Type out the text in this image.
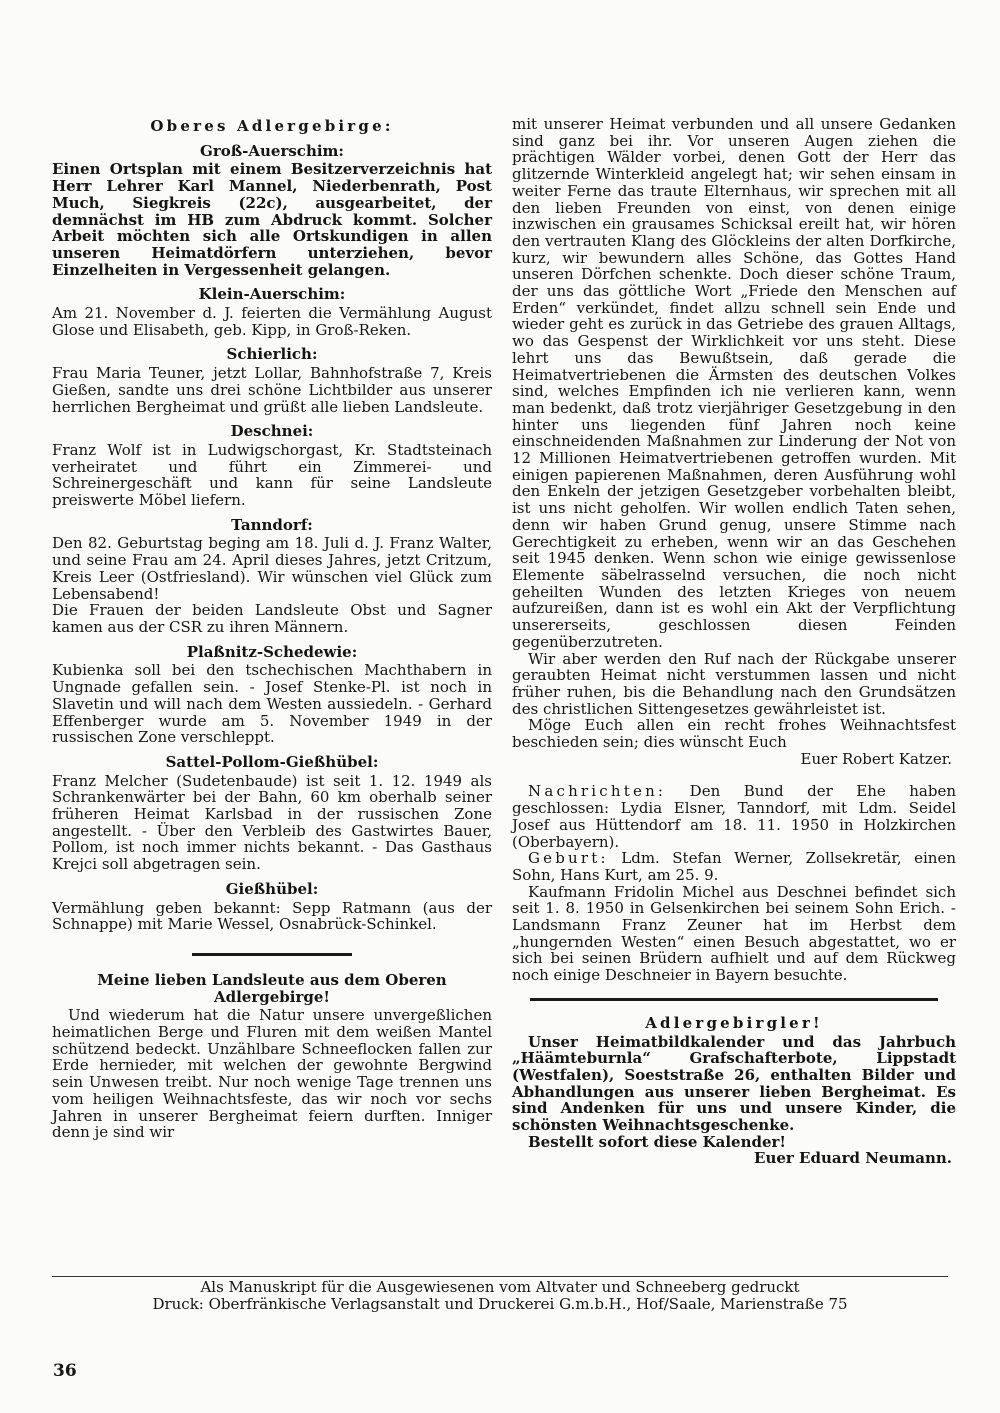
Oberes Adlergebirge:

Groß-Auerschim:

Einen Ortsplan mit einem Besitzerverzeichnis hat Herr Lehrer Karl Mannel, Niederbenrath, Post Much, Siegkreis (22c), ausgearbeitet, der demnächst im HB zum Abdruck kommt. Solcher Arbeit möchten sich alle Ortskundigen in allen unseren Heimatdörfern unterziehen, bevor Einzelheiten in Vergessenheit gelangen.

Klein-Auerschim:

Am 21. November d. J. feierten die Vermählung August Glose und Elisabeth, geb. Kipp, in Groß-Reken.

Schierlich:

Frau Maria Teuner, jetzt Lollar, Bahnhofstraße 7, Kreis Gießen, sandte uns drei schöne Lichtbilder aus unserer herrlichen Bergheimat und grüßt alle lieben Landsleute.

Deschnei:

Franz Wolf ist in Ludwigschorgast, Kr. Stadtsteinach verheiratet und führt ein Zimmerei- und Schreinergeschäft und kann für seine Landsleute preiswerte Möbel liefern.

Tanndorf:

Den 82. Geburtstag beging am 18. Juli d. J. Franz Walter, und seine Frau am 24. April dieses Jahres, jetzt Critzum, Kreis Leer (Ostfriesland). Wir wünschen viel Glück zum Lebensabend!

Die Frauen der beiden Landsleute Obst und Sagner kamen aus der CSR zu ihren Männern.

Plaßnitz-Schedewie:

Kubienka soll bei den tschechischen Machthabern in Ungnade gefallen sein. - Josef Stenke-Pl. ist noch in Slavetin und will nach dem Westen aussiedeln. - Gerhard Effenberger wurde am 5. November 1949 in der russischen Zone verschleppt.

Sattel-Pollom-Gießhübel:

Franz Melcher (Sudetenbaude) ist seit 1. 12. 1949 als Schrankenwärter bei der Bahn, 60 km oberhalb seiner früheren Heimat Karlsbad in der russischen Zone angestellt. - Über den Verbleib des Gastwirtes Bauer, Pollom, ist noch immer nichts bekannt. - Das Gasthaus Krejci soll abgetragen sein.

Gießhübel:

Vermählung geben bekannt: Sepp Ratmann (aus der Schnappe) mit Marie Wessel, Osnabrück-Schinkel.

Meine lieben Landsleute aus dem Oberen Adlergebirge!

Und wiederum hat die Natur unsere unvergeßlichen heimatlichen Berge und Fluren mit dem weißen Mantel schützend bedeckt. Unzählbare Schneeflocken fallen zur Erde hernieder, mit welchen der gewohnte Bergwind sein Unwesen treibt. Nur noch wenige Tage trennen uns vom heiligen Weihnachtsfeste, das wir noch vor sechs Jahren in unserer Bergheimat feiern durften. Inniger denn je sind wir

mit unserer Heimat verbunden und all unsere Gedanken sind ganz bei ihr. Vor unseren Augen ziehen die prächtigen Wälder vorbei, denen Gott der Herr das glitzernde Winterkleid angelegt hat; wir sehen einsam in weiter Ferne das traute Elternhaus, wir sprechen mit all den lieben Freunden von einst, von denen einige inzwischen ein grausames Schicksal ereilt hat, wir hören den vertrauten Klang des Glöckleins der alten Dorfkirche, kurz, wir bewundern alles Schöne, das Gottes Hand unseren Dörfchen schenkte. Doch dieser schöne Traum, der uns das göttliche Wort „Friede den Menschen auf Erden“ verkündet, findet allzu schnell sein Ende und wieder geht es zurück in das Getriebe des grauen Alltags, wo das Gespenst der Wirklichkeit vor uns steht. Diese lehrt uns das Bewußtsein, daß gerade die Heimatvertriebenen die Ärmsten des deutschen Volkes sind, welches Empfinden ich nie verlieren kann, wenn man bedenkt, daß trotz vierjähriger Gesetzgebung in den hinter uns liegenden fünf Jahren noch keine einschneidenden Maßnahmen zur Linderung der Not von 12 Millionen Heimatvertriebenen getroffen wurden. Mit einigen papierenen Maßnahmen, deren Ausführung wohl den Enkeln der jetzigen Gesetzgeber vorbehalten bleibt, ist uns nicht geholfen. Wir wollen endlich Taten sehen, denn wir haben Grund genug, unsere Stimme nach Gerechtigkeit zu erheben, wenn wir an das Geschehen seit 1945 denken. Wenn schon wie einige gewissenlose Elemente säbelrasselnd versuchen, die noch nicht geheilten Wunden des letzten Krieges von neuem aufzureißen, dann ist es wohl ein Akt der Verpflichtung unsererseits, geschlossen diesen Feinden gegenüberzutreten.

Wir aber werden den Ruf nach der Rückgabe unserer geraubten Heimat nicht verstummen lassen und nicht früher ruhen, bis die Behandlung nach den Grundsätzen des christlichen Sittengesetzes gewährleistet ist.

Möge Euch allen ein recht frohes Weihnachtsfest beschieden sein; dies wünscht Euch

Euer Robert Katzer.

Nachrichten: Den Bund der Ehe haben geschlossen: Lydia Elsner, Tanndorf, mit Ldm. Seidel Josef aus Hüttendorf am 18. 11. 1950 in Holzkirchen (Oberbayern).

Geburt: Ldm. Stefan Werner, Zollsekretär, einen Sohn, Hans Kurt, am 25. 9.

Kaufmann Fridolin Michel aus Deschnei befindet sich seit 1. 8. 1950 in Gelsenkirchen bei seinem Sohn Erich. - Landsmann Franz Zeuner hat im Herbst dem „hungernden Westen“ einen Besuch abgestattet, wo er sich bei seinen Brüdern aufhielt und auf dem Rückweg noch einige Deschneier in Bayern besuchte.

Adlergebirgler!

Unser Heimatbildkalender und das Jahrbuch „Häämteburnla“ Grafschafterbote, Lippstadt (Westfalen), Soeststraße 26, enthalten Bilder und Abhandlungen aus unserer lieben Bergheimat. Es sind Andenken für uns und unsere Kinder, die schönsten Weihnachtsgeschenke.

Bestellt sofort diese Kalender!

Euer Eduard Neumann.

Als Manuskript für die Ausgewiesenen vom Altvater und Schneeberg gedruckt
Druck: Oberfränkische Verlagsanstalt und Druckerei G.m.b.H., Hof/Saale, Marienstraße 75
36
